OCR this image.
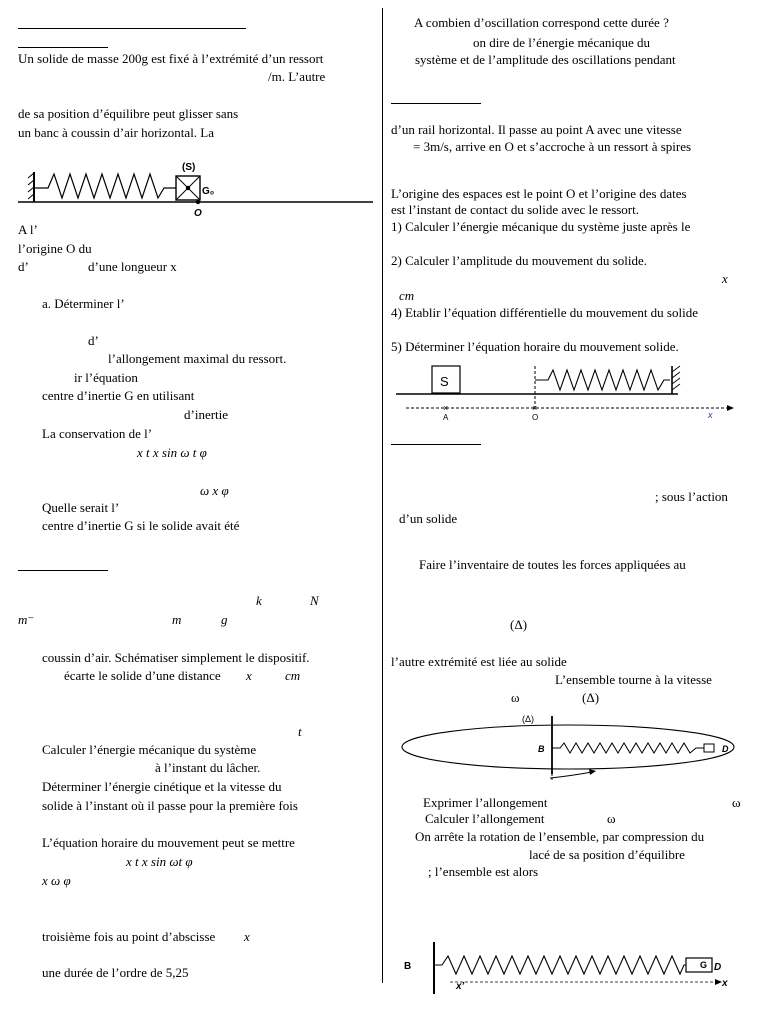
Un solide de masse 200g est fixé à l’extrémité d’un ressort
/m. L’autre
de sa position d’équilibre peut glisser sans
un banc à coussin d’air horizontal. La
(S)
G₀
O
A l’
l’origine O du
d’	d’une longueur x
a. Déterminer l’
d’
l’allongement maximal du ressort.
ir l’équation
centre d’inertie G en utilisant
d’inertie
La conservation de l’
x t x sin ω t φ
ω x φ
Quelle serait l’
centre d’inertie G si le solide avait été
k	N
m⁻	m	g
coussin d’air. Schématiser simplement le dispositif.
écarte le solide d’une distance x	cm
t
Calculer l’énergie mécanique du système
à l’instant du lâcher.
Déterminer l’énergie cinétique et la vitesse du
solide à l’instant où il passe pour la première fois
L’équation horaire du mouvement peut se mettre
x t x sin ωt φ
x ω φ
troisième fois au point d’abscisse x
une durée de l’ordre de 5,25
A combien d’oscillation correspond cette durée ?
on dire de l’énergie mécanique du
système et de l’amplitude des oscillations pendant
d’un rail horizontal. Il passe au point A avec une vitesse
= 3m/s, arrive en O et s’accroche à un ressort à spires
L’origine des espaces est le point O et l’origine des dates
est l’instant de contact du solide avec le ressort.
1) Calculer l’énergie mécanique du système juste après le
2) Calculer l’amplitude du mouvement du solide.
x
cm
4) Etablir l’équation différentielle du mouvement du solide
5) Déterminer l’équation horaire du mouvement solide.
S
×	×
A	O	x
; sous l’action
d’un solide
Faire l’inventaire de toutes les forces appliquées au
(Δ)
l’autre extrémité est liée au solide
L’ensemble tourne à la vitesse
ω	(Δ)
(Δ)
B	D
Exprimer l’allongement	ω
Calculer l’allongement	ω
On arrête la rotation de l’ensemble, par compression du
lacé de sa position d’équilibre
; l’ensemble est alors
B	G D
x’	x
